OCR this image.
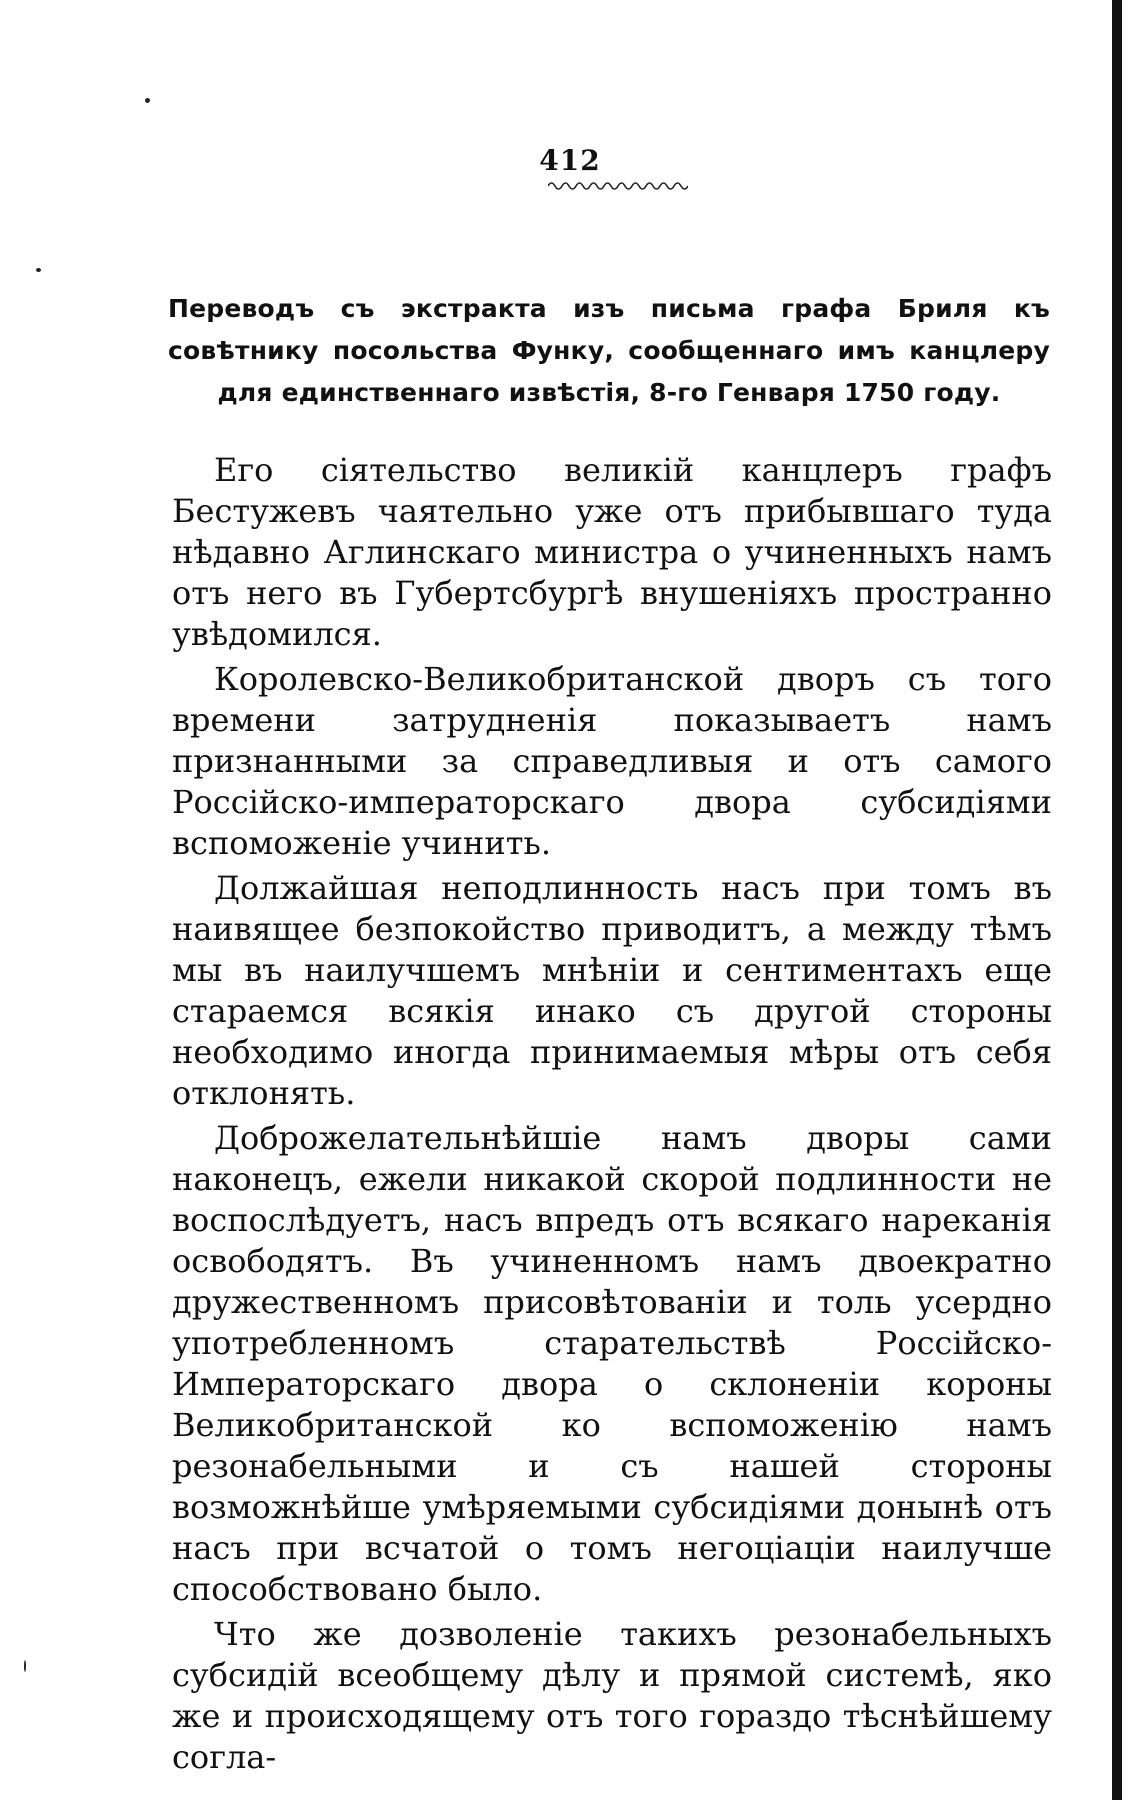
412
Переводъ съ экстракта изъ письма графа Бриля къ совѣтнику посольства Функу, сообщеннаго имъ канцлеру для единственнаго извѣстія, 8-го Генваря 1750 году.

Его сiятельство великiй канцлеръ графъ Бестужевъ чаятельно уже отъ прибывшаго туда нѣдавно Аглинскаго министра о учиненныхъ намъ отъ него въ Губертсбургѣ внушенiяхъ пространно увѣдомился.

Королевско-Великобританской дворъ съ того времени затрудненiя показываетъ намъ признанными за справедливыя и отъ самого Россiйско-императорскаго двора субсидiями вспоможенiе учинить.

Должайшая неподлинность насъ при томъ въ наивящее безпокойство приводитъ, а между тѣмъ мы въ наилучшемъ мнѣнiи и сентиментахъ еще стараемся всякiя инако съ другой стороны необходимо иногда принимаемыя мѣры отъ себя отклонять.

Доброжелательнѣйшiе намъ дворы сами наконецъ, ежели никакой скорой подлинности не воспослѣдуетъ, насъ впредъ отъ всякаго нареканiя освободятъ. Въ учиненномъ намъ двоекратно дружественномъ присовѣтованiи и толь усердно употребленномъ старательствѣ Россiйско-Императорскаго двора о склоненiи короны Великобританской ко вспоможенiю намъ резонабельными и съ нашей стороны возможнѣйше умѣряемыми субсидiями донынѣ отъ насъ при всчатой о томъ негоцiацiи наилучше способствовано было.

Что же дозволенiе такихъ резонабельныхъ субсидiй всеобщему дѣлу и прямой системѣ, яко же и происходящему отъ того гораздо тѣснѣйшему согла-
